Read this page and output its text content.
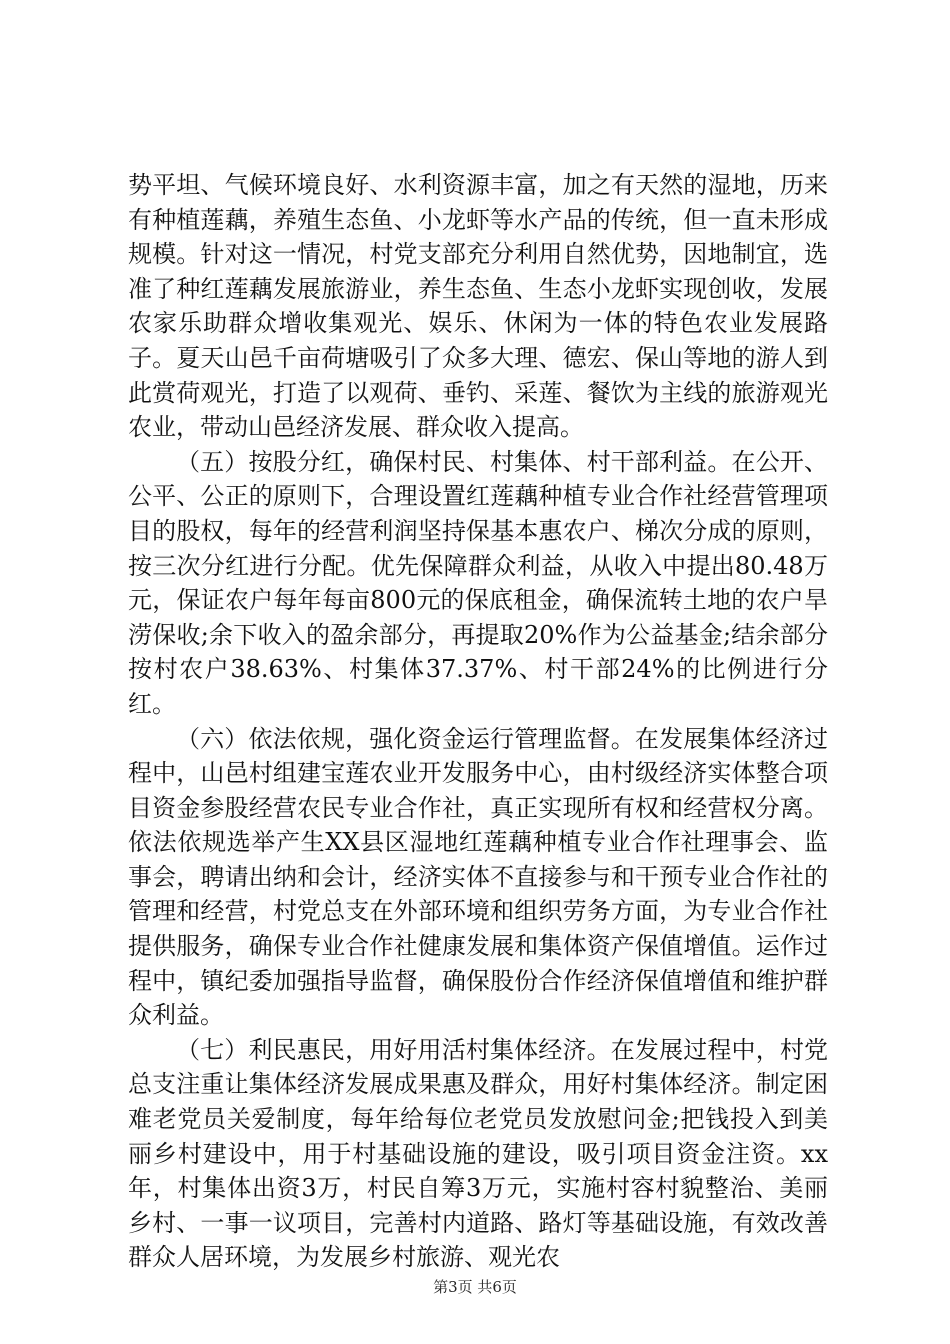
势平坦、气候环境良好、水利资源丰富，加之有天然的湿地，历来有种植莲藕，养殖生态鱼、小龙虾等水产品的传统，但一直未形成规模。针对这一情况，村党支部充分利用自然优势，因地制宜，选准了种红莲藕发展旅游业，养生态鱼、生态小龙虾实现创收，发展农家乐助群众增收集观光、娱乐、休闲为一体的特色农业发展路子。夏天山邑千亩荷塘吸引了众多大理、德宏、保山等地的游人到此赏荷观光，打造了以观荷、垂钓、采莲、餐饮为主线的旅游观光农业，带动山邑经济发展、群众收入提高。

（五）按股分红，确保村民、村集体、村干部利益。在公开、公平、公正的原则下，合理设置红莲藕种植专业合作社经营管理项目的股权，每年的经营利润坚持保基本惠农户、梯次分成的原则，按三次分红进行分配。优先保障群众利益，从收入中提出80.48万元，保证农户每年每亩800元的保底租金，确保流转土地的农户旱涝保收;余下收入的盈余部分，再提取20%作为公益基金;结余部分按村农户38.63%、村集体37.37%、村干部24%的比例进行分红。

（六）依法依规，强化资金运行管理监督。在发展集体经济过程中，山邑村组建宝莲农业开发服务中心，由村级经济实体整合项目资金参股经营农民专业合作社，真正实现所有权和经营权分离。依法依规选举产生XX县区湿地红莲藕种植专业合作社理事会、监事会，聘请出纳和会计，经济实体不直接参与和干预专业合作社的管理和经营，村党总支在外部环境和组织劳务方面，为专业合作社提供服务，确保专业合作社健康发展和集体资产保值增值。运作过程中，镇纪委加强指导监督，确保股份合作经济保值增值和维护群众利益。

（七）利民惠民，用好用活村集体经济。在发展过程中，村党总支注重让集体经济发展成果惠及群众，用好村集体经济。制定困难老党员关爱制度，每年给每位老党员发放慰问金;把钱投入到美丽乡村建设中，用于村基础设施的建设，吸引项目资金注资。xx年，村集体出资3万，村民自筹3万元，实施村容村貌整治、美丽乡村、一事一议项目，完善村内道路、路灯等基础设施，有效改善群众人居环境，为发展乡村旅游、观光农

第3页 共6页
